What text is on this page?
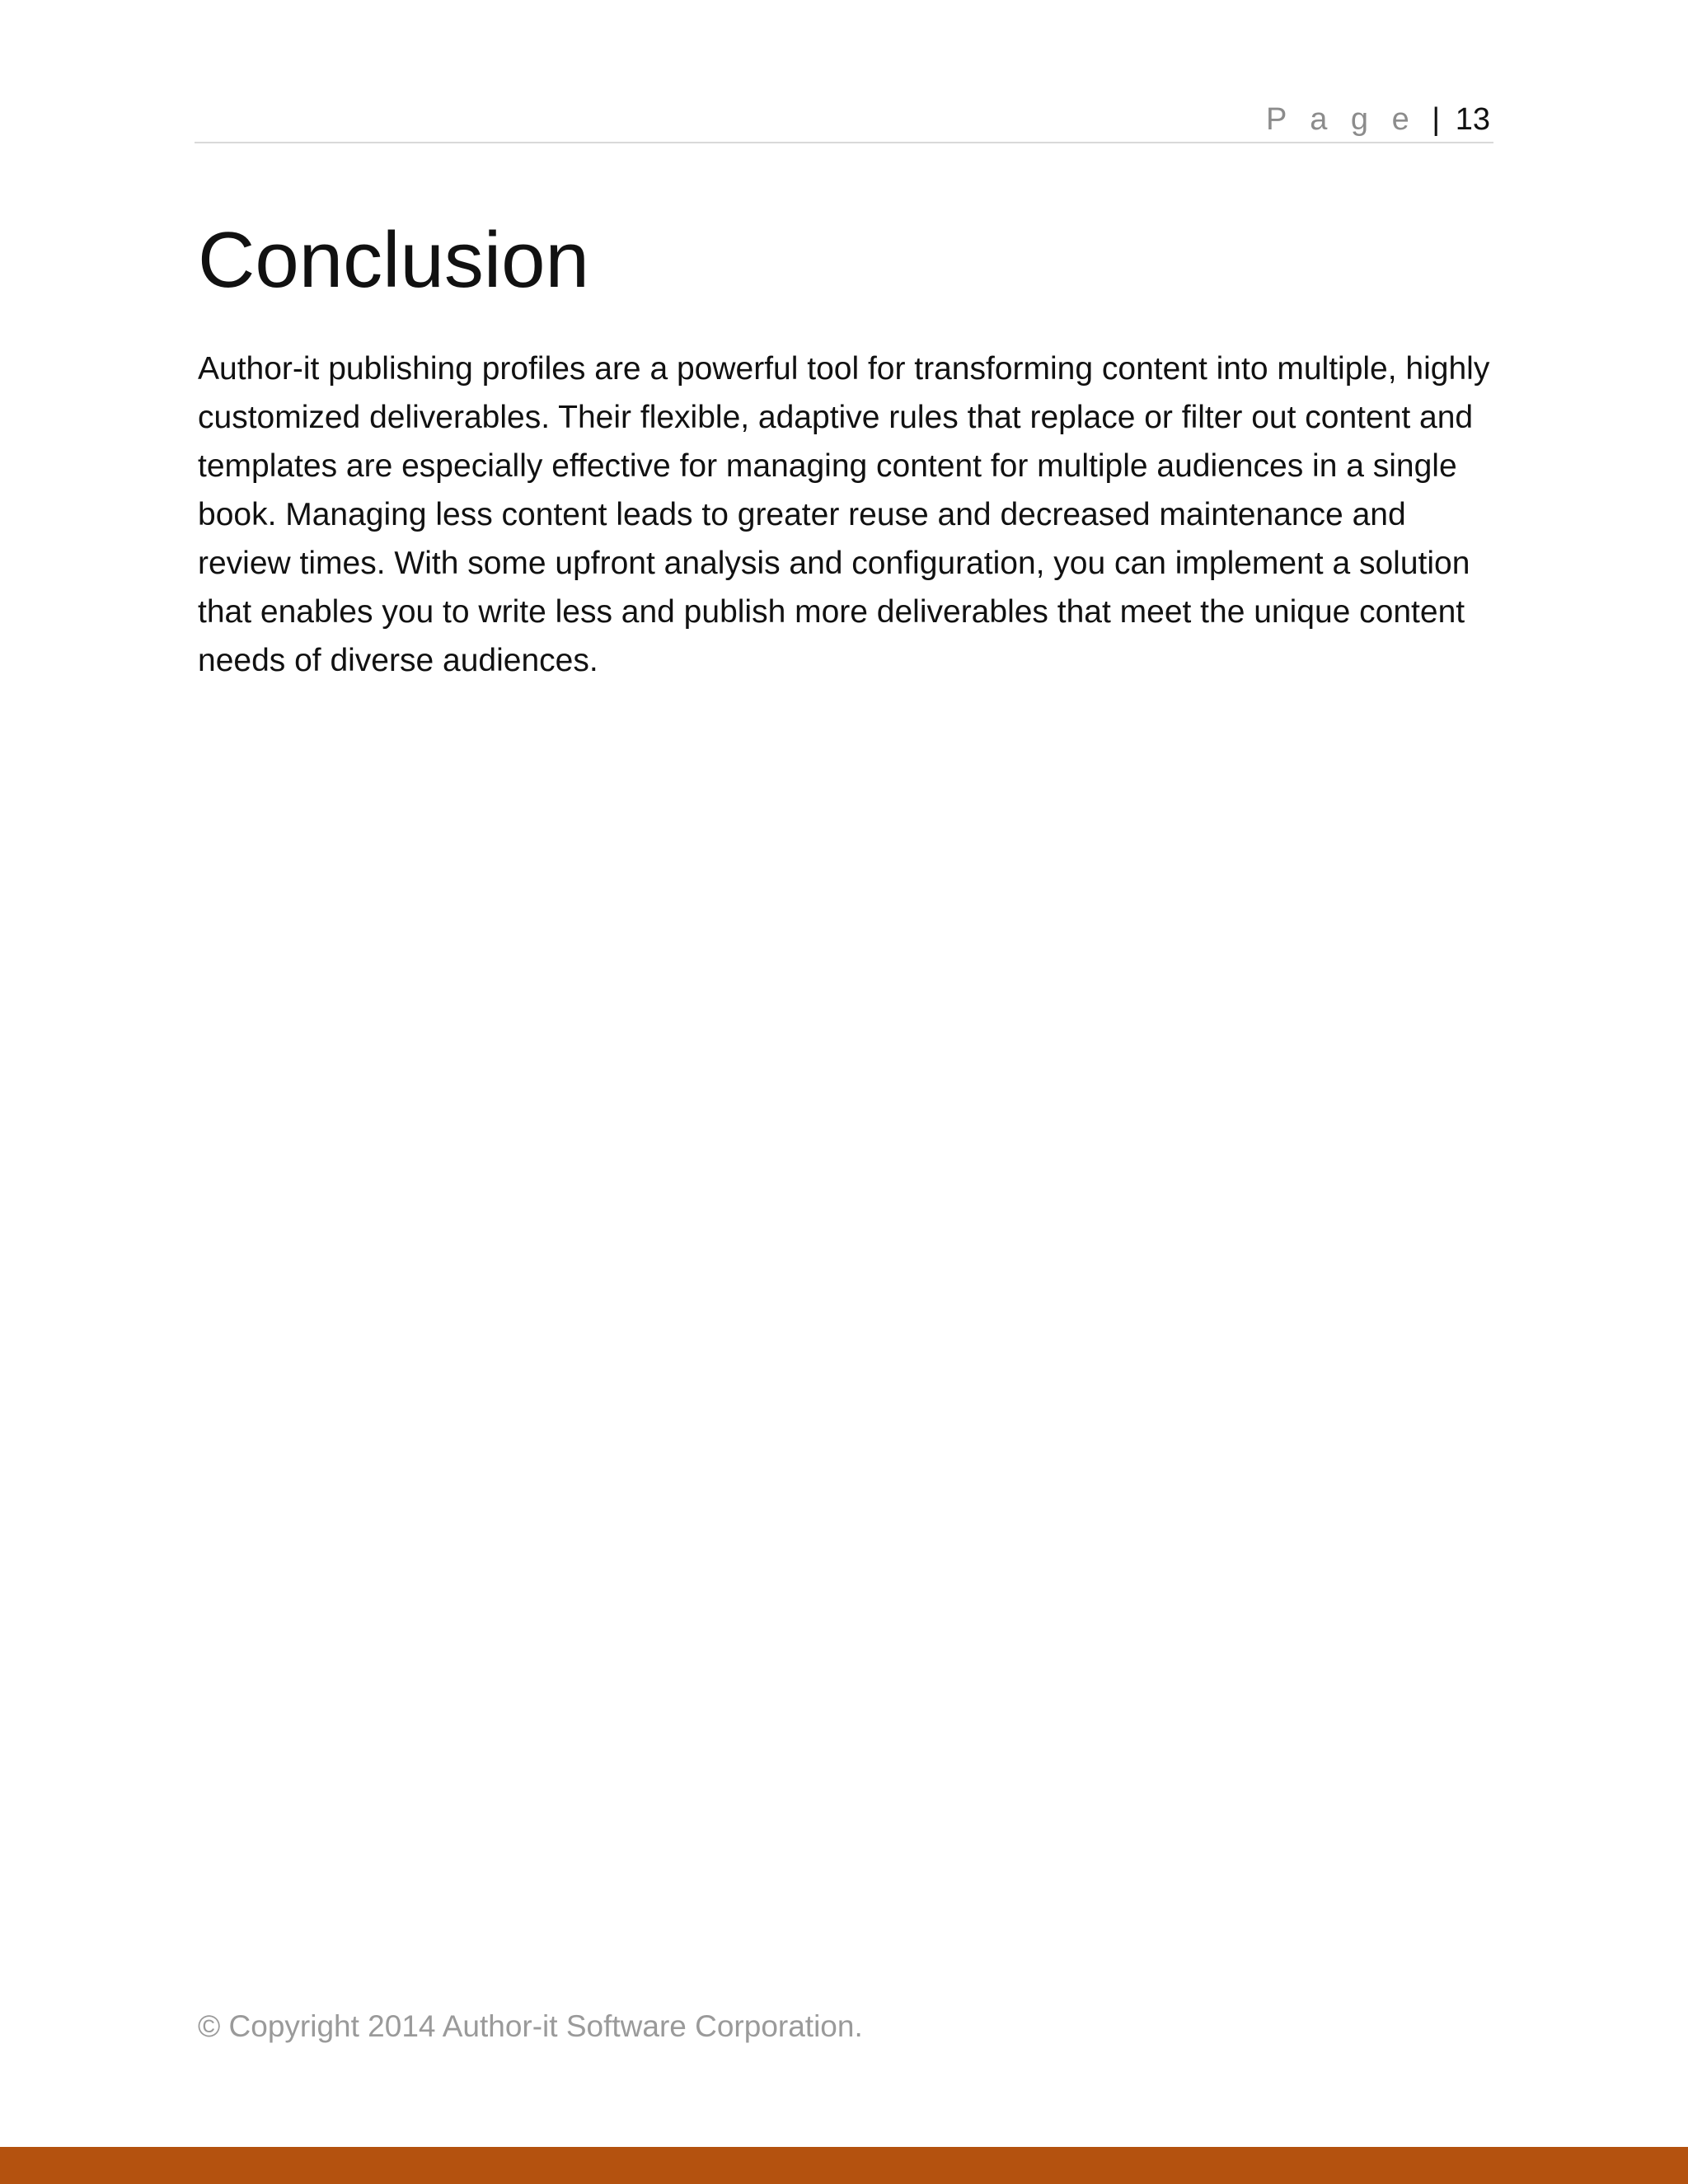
P a g e | 13
Conclusion

Author-it publishing profiles are a powerful tool for transforming content into multiple, highly customized deliverables. Their flexible, adaptive rules that replace or filter out content and templates are especially effective for managing content for multiple audiences in a single book. Managing less content leads to greater reuse and decreased maintenance and review times. With some upfront analysis and configuration, you can implement a solution that enables you to write less and publish more deliverables that meet the unique content needs of diverse audiences.

© Copyright 2014 Author-it Software Corporation.
